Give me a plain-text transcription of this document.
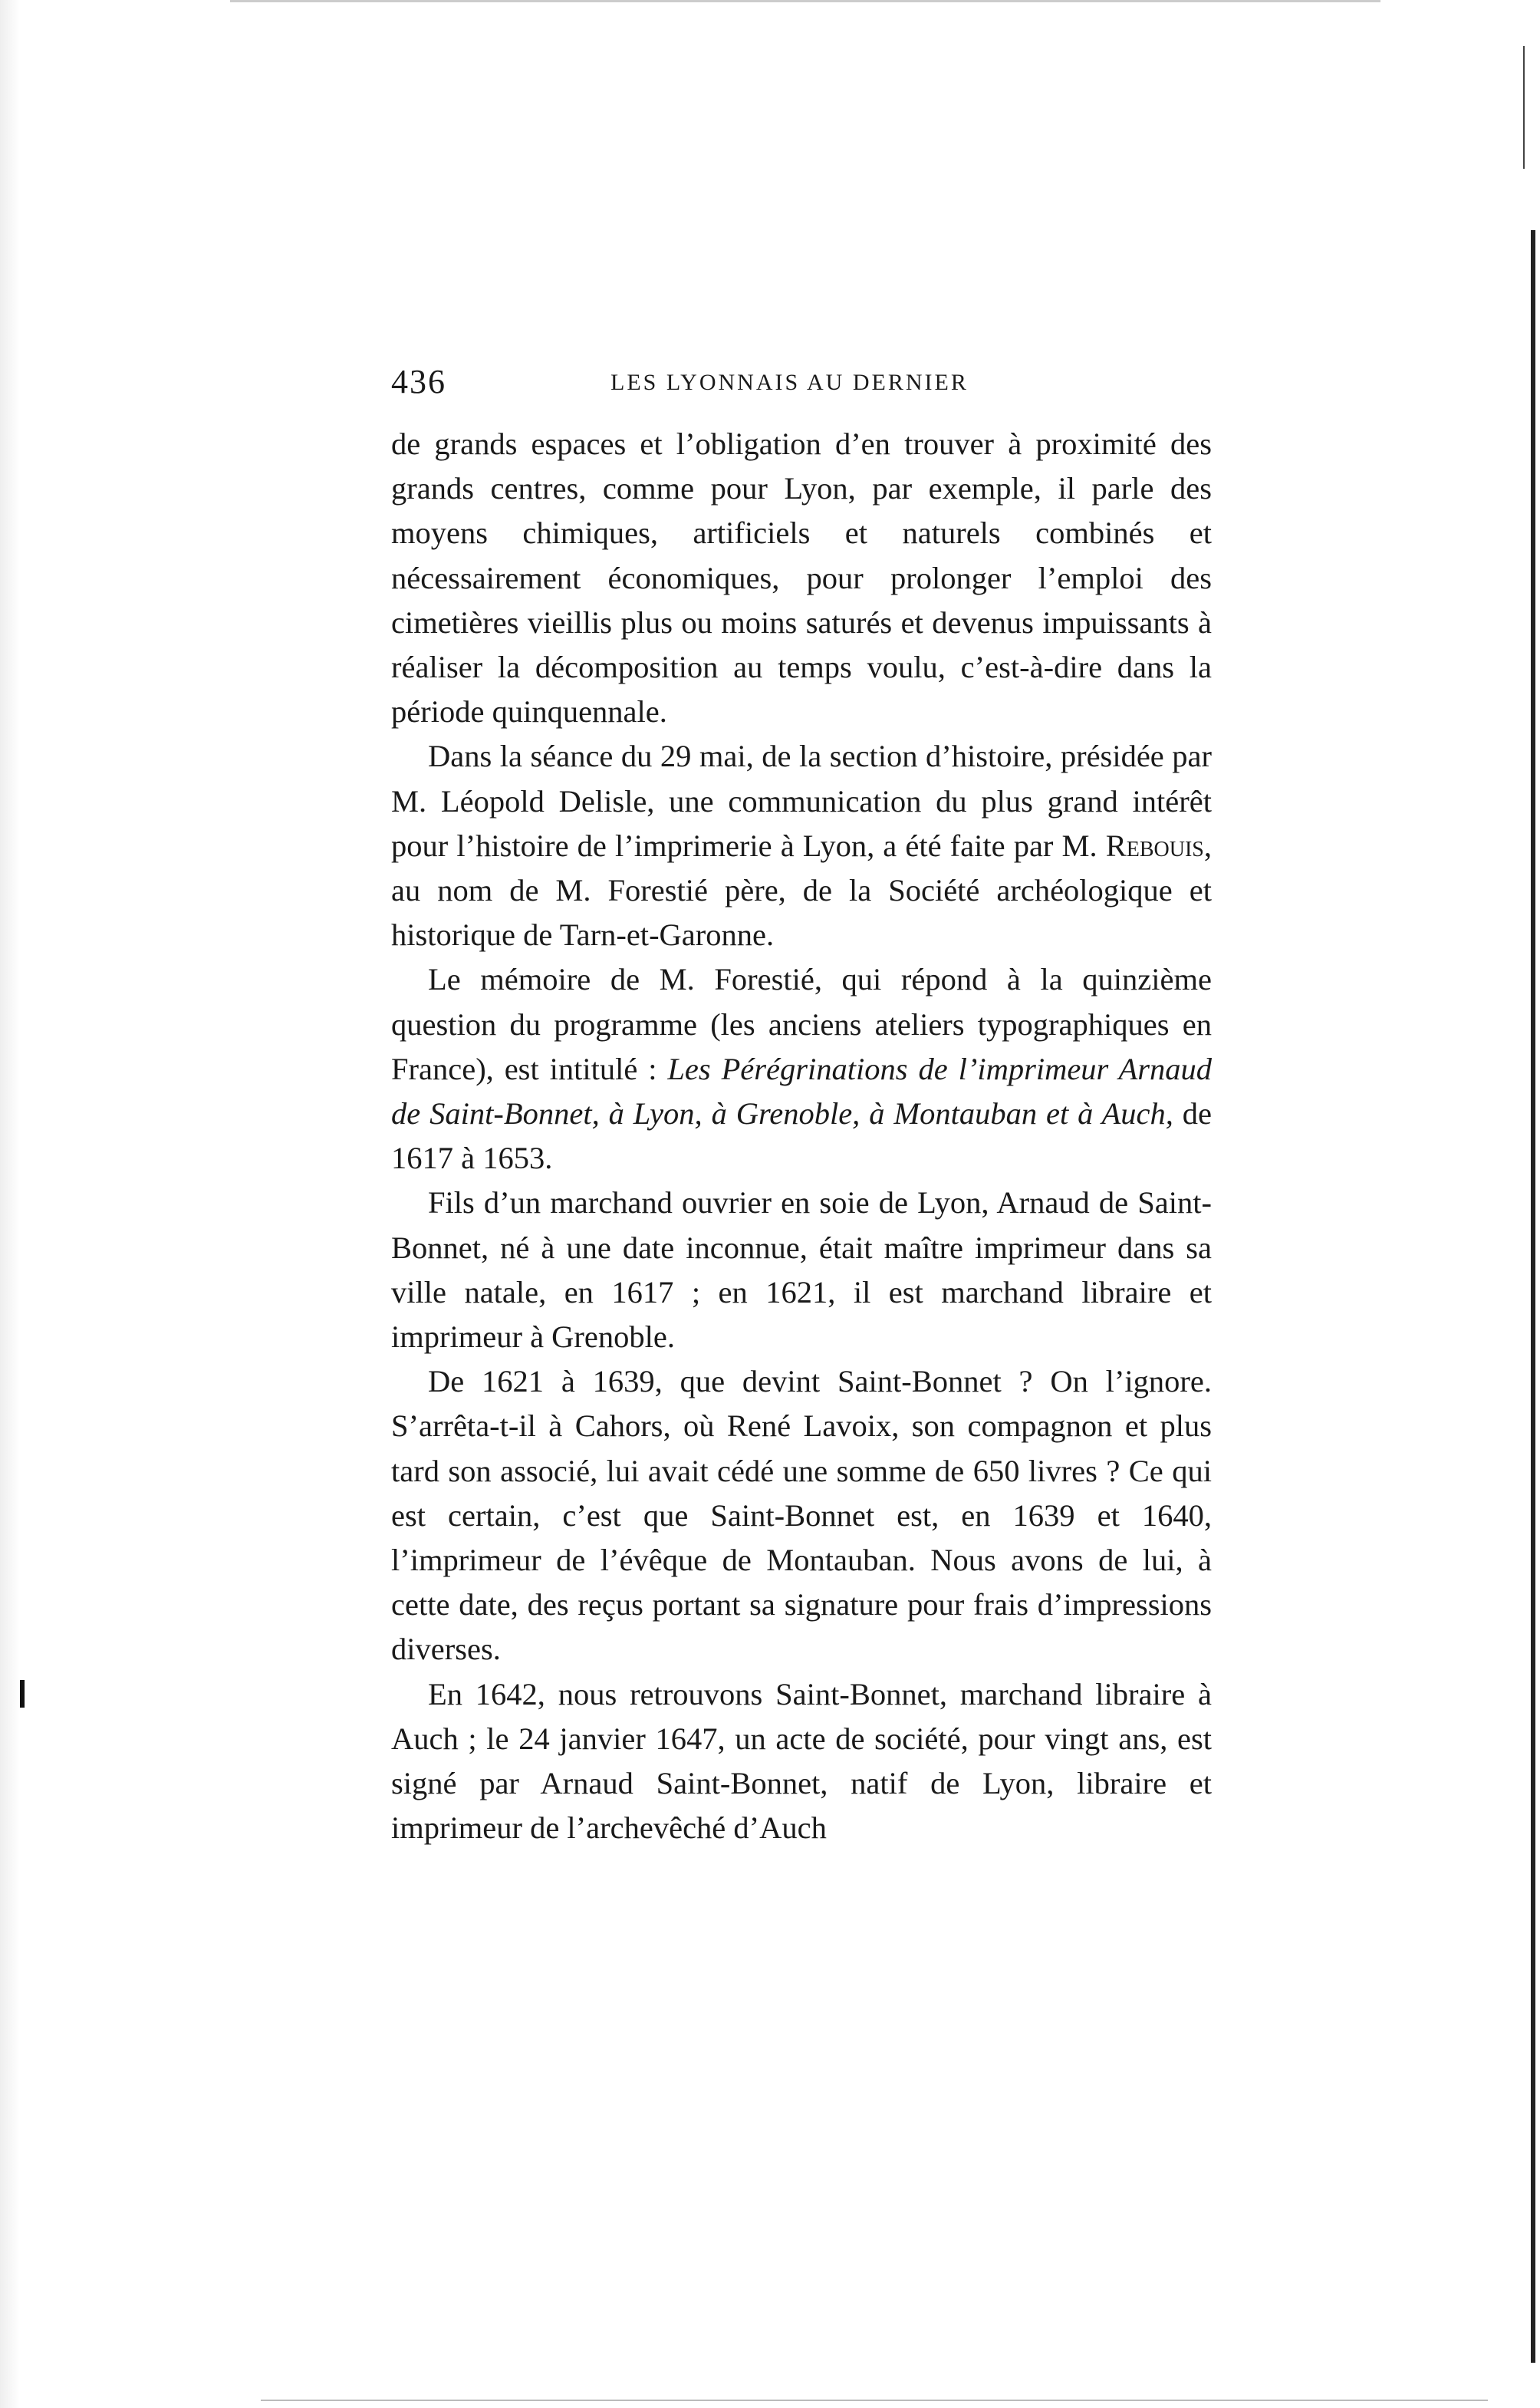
436	LES LYONNAIS AU DERNIER

de grands espaces et l’obligation d’en trouver à proximité des grands centres, comme pour Lyon, par exemple, il parle des moyens chimiques, artificiels et naturels combinés et nécessairement économiques, pour prolonger l’emploi des cimetières vieillis plus ou moins saturés et devenus impuissants à réaliser la décomposition au temps voulu, c’est-à-dire dans la période quinquennale.

Dans la séance du 29 mai, de la section d’histoire, présidée par M. Léopold Delisle, une communication du plus grand intérêt pour l’histoire de l’imprimerie à Lyon, a été faite par M. Rebouis, au nom de M. Forestié père, de la Société archéologique et historique de Tarn-et-Garonne.

Le mémoire de M. Forestié, qui répond à la quinzième question du programme (les anciens ateliers typographiques en France), est intitulé : Les Pérégrinations de l’imprimeur Arnaud de Saint-Bonnet, à Lyon, à Grenoble, à Montauban et à Auch, de 1617 à 1653.

Fils d’un marchand ouvrier en soie de Lyon, Arnaud de Saint-Bonnet, né à une date inconnue, était maître imprimeur dans sa ville natale, en 1617 ; en 1621, il est marchand libraire et imprimeur à Grenoble.

De 1621 à 1639, que devint Saint-Bonnet ? On l’ignore. S’arrêta-t-il à Cahors, où René Lavoix, son compagnon et plus tard son associé, lui avait cédé une somme de 650 livres ? Ce qui est certain, c’est que Saint-Bonnet est, en 1639 et 1640, l’imprimeur de l’évêque de Montauban. Nous avons de lui, à cette date, des reçus portant sa signature pour frais d’impressions diverses.

En 1642, nous retrouvons Saint-Bonnet, marchand libraire à Auch ; le 24 janvier 1647, un acte de société, pour vingt ans, est signé par Arnaud Saint-Bonnet, natif de Lyon, libraire et imprimeur de l’archevêché d’Auch
